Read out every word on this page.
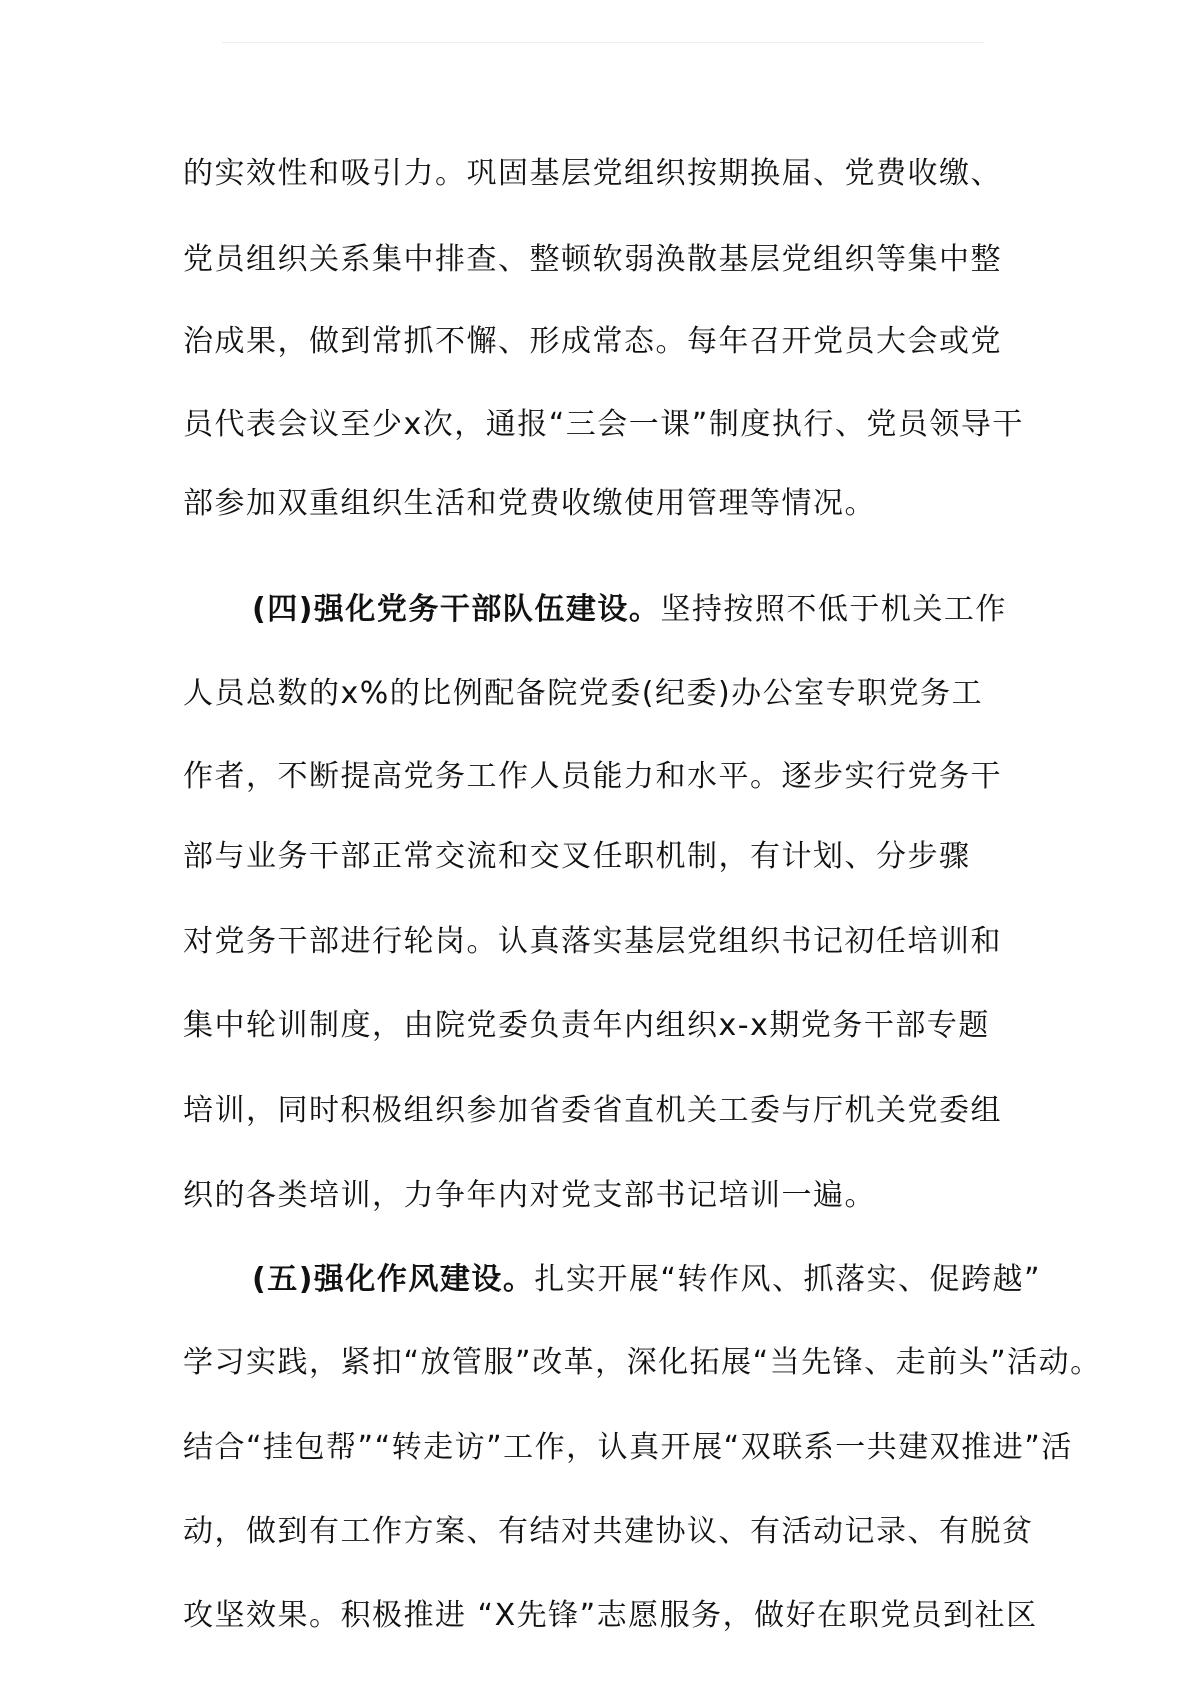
的实效性和吸引力。巩固基层党组织按期换届、党费收缴、
党员组织关系集中排查、整顿软弱涣散基层党组织等集中整
治成果，做到常抓不懈、形成常态。每年召开党员大会或党
员代表会议至少x次，通报“三会一课”制度执行、党员领导干
部参加双重组织生活和党费收缴使用管理等情况。
(四)强化党务干部队伍建设。坚持按照不低于机关工作
人员总数的x%的比例配备院党委(纪委)办公室专职党务工
作者，不断提高党务工作人员能力和水平。逐步实行党务干
部与业务干部正常交流和交叉任职机制，有计划、分步骤
对党务干部进行轮岗。认真落实基层党组织书记初任培训和
集中轮训制度，由院党委负责年内组织x-x期党务干部专题
培训，同时积极组织参加省委省直机关工委与厅机关党委组
织的各类培训，力争年内对党支部书记培训一遍。
(五)强化作风建设。扎实开展“转作风、抓落实、促跨越”
学习实践，紧扣“放管服”改革，深化拓展“当先锋、走前头”活动。
结合“挂包帮”“转走访”工作，认真开展“双联系一共建双推进”活
动，做到有工作方案、有结对共建协议、有活动记录、有脱贫
攻坚效果。积极推进 “X先锋”志愿服务，做好在职党员到社区
